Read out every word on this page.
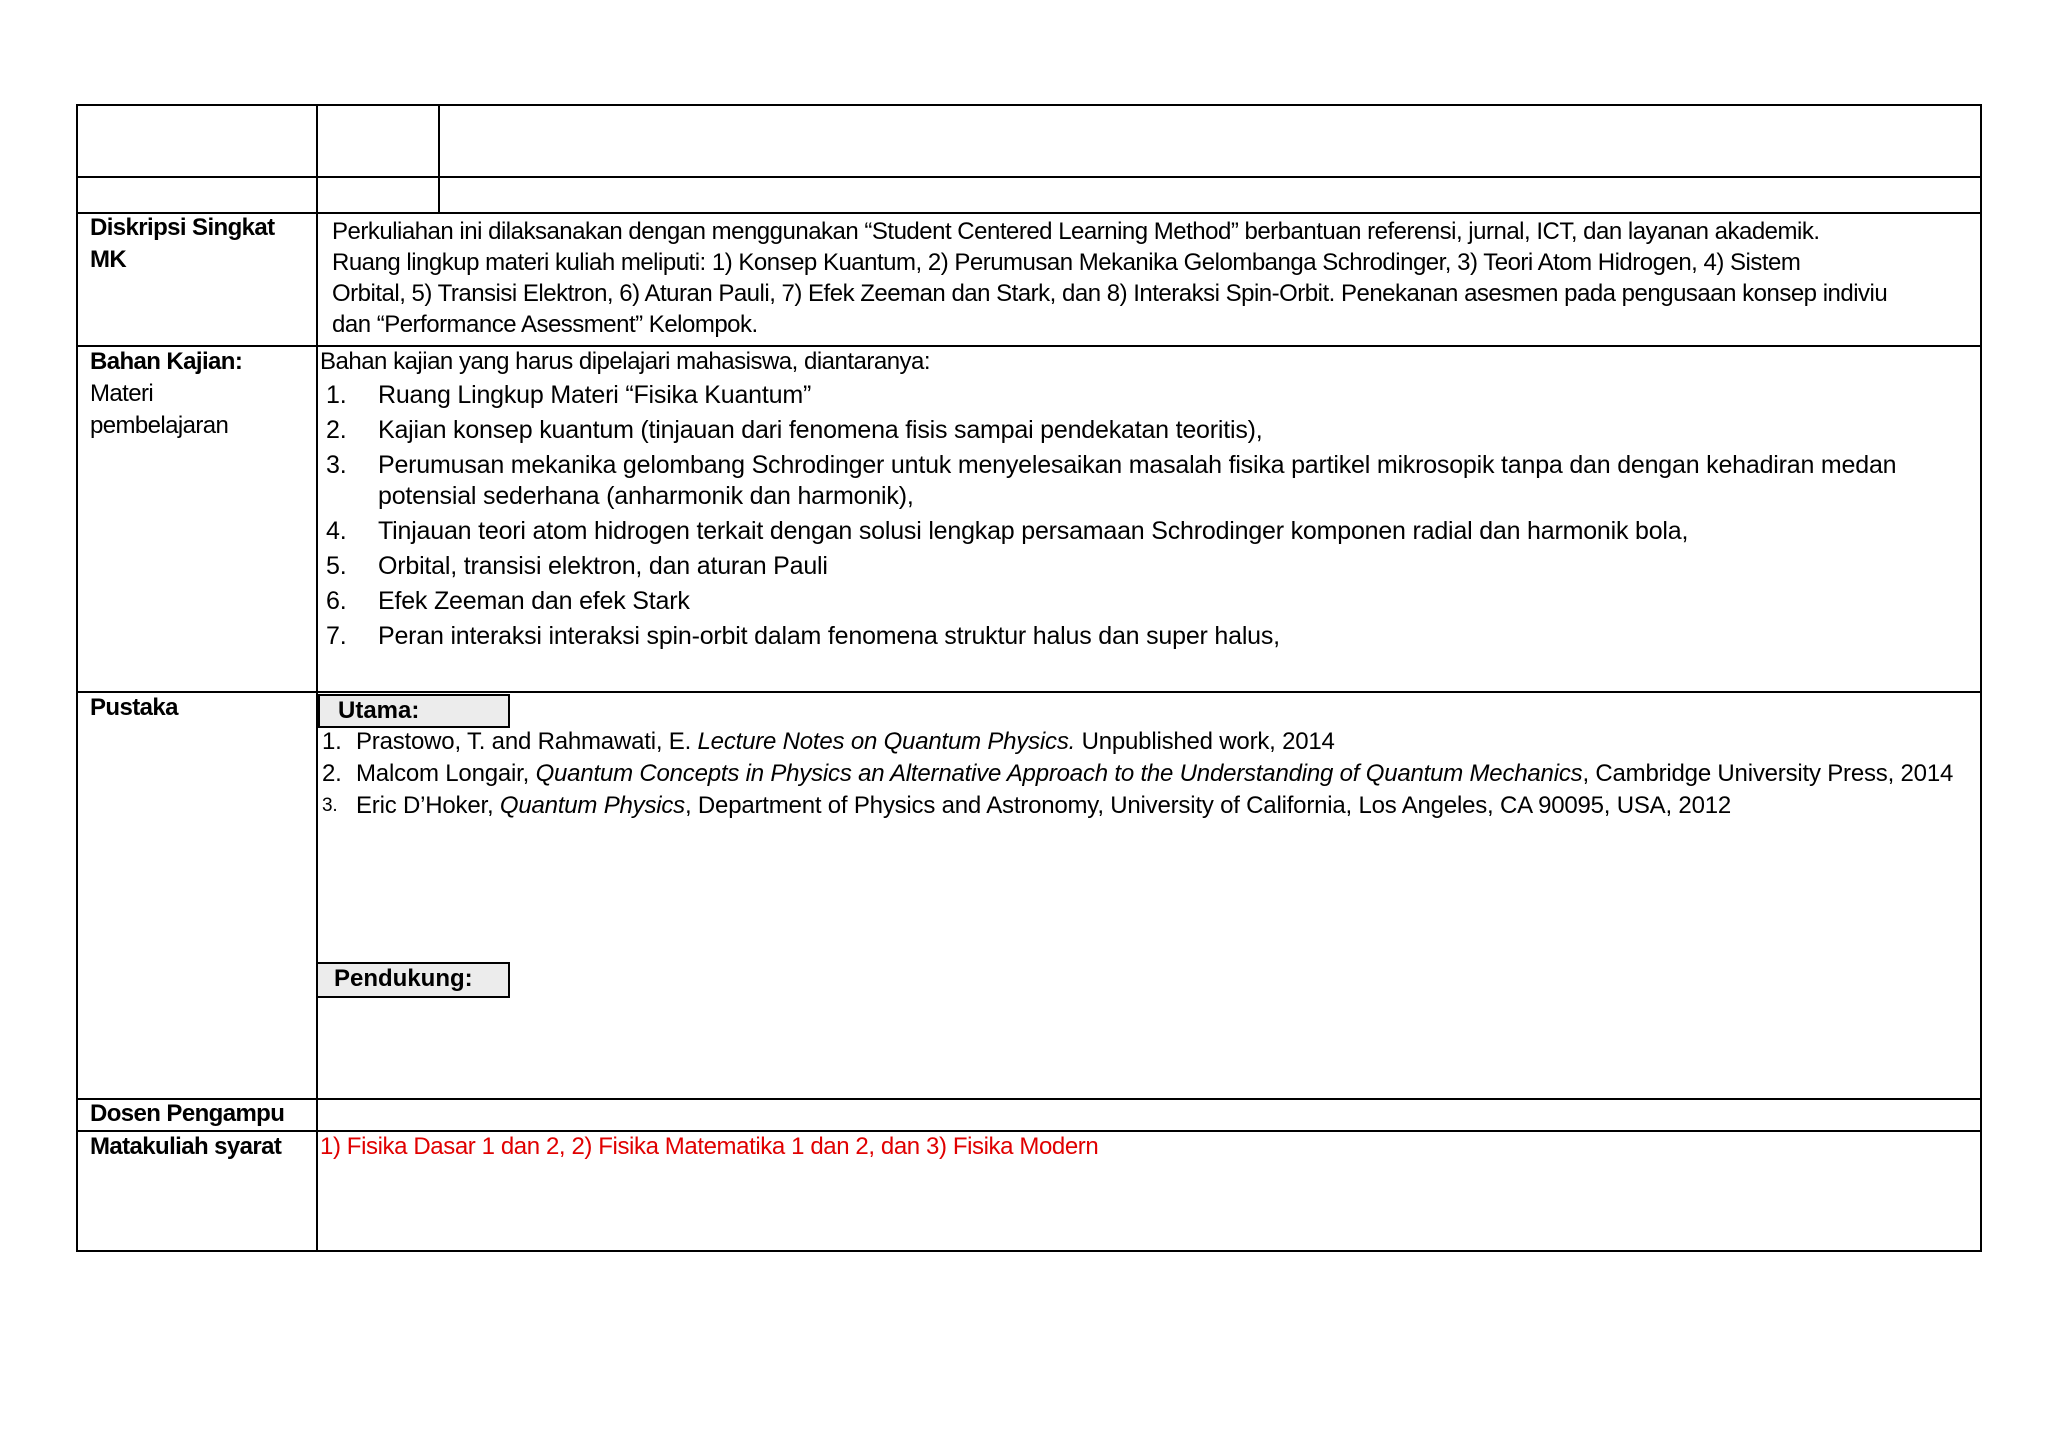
Diskripsi Singkat
MK
Perkuliahan ini dilaksanakan dengan menggunakan “Student Centered Learning Method” berbantuan referensi, jurnal, ICT, dan layanan akademik.
Ruang lingkup materi kuliah meliputi: 1) Konsep Kuantum, 2) Perumusan Mekanika Gelombanga Schrodinger, 3) Teori Atom Hidrogen, 4) Sistem
Orbital, 5) Transisi Elektron, 6) Aturan Pauli, 7) Efek Zeeman dan Stark, dan 8) Interaksi Spin-Orbit. Penekanan asesmen pada pengusaan konsep indiviu
dan “Performance Asessment” Kelompok.
Bahan Kajian:
Materi
pembelajaran
Bahan kajian yang harus dipelajari mahasiswa, diantaranya:
1. Ruang Lingkup Materi “Fisika Kuantum”
2. Kajian konsep kuantum (tinjauan dari fenomena fisis sampai pendekatan teoritis),
3. Perumusan mekanika gelombang Schrodinger untuk menyelesaikan masalah fisika partikel mikrosopik tanpa dan dengan kehadiran medan potensial sederhana (anharmonik dan harmonik),
4. Tinjauan teori atom hidrogen terkait dengan solusi lengkap persamaan Schrodinger komponen radial dan harmonik bola,
5. Orbital, transisi elektron, dan aturan Pauli
6. Efek Zeeman dan efek Stark
7. Peran interaksi interaksi spin-orbit dalam fenomena struktur halus dan super halus,
Pustaka	Utama:
1. Prastowo, T. and Rahmawati, E. Lecture Notes on Quantum Physics. Unpublished work, 2014
2. Malcom Longair, Quantum Concepts in Physics an Alternative Approach to the Understanding of Quantum Mechanics, Cambridge University Press, 2014
3. Eric D’Hoker, Quantum Physics, Department of Physics and Astronomy, University of California, Los Angeles, CA 90095, USA, 2012
Pendukung:
Dosen Pengampu
Matakuliah syarat	1) Fisika Dasar 1 dan 2, 2) Fisika Matematika 1 dan 2, dan 3) Fisika Modern
